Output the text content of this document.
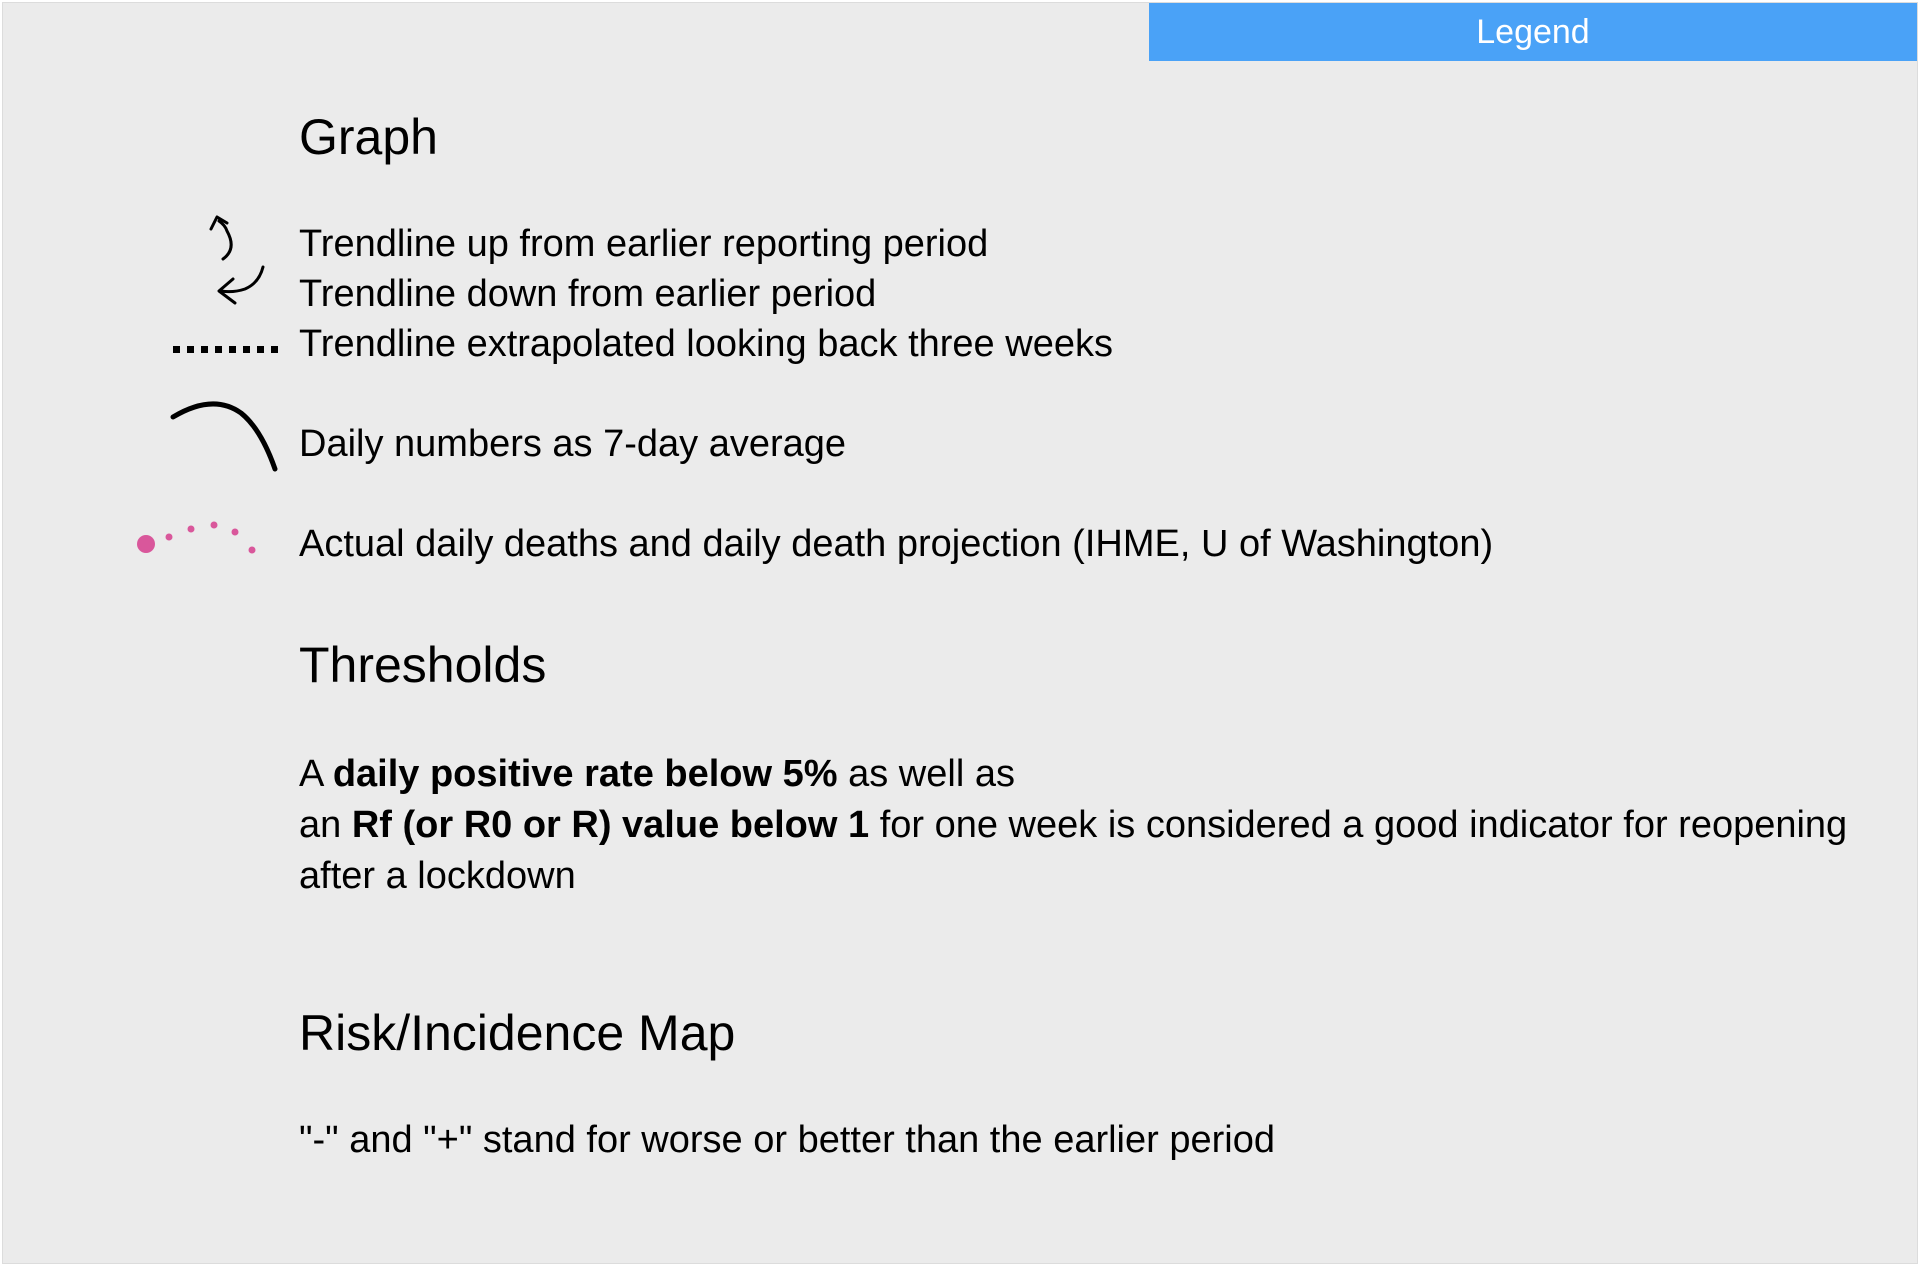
Legend
Graph
Trendline up from earlier reporting period
Trendline down from earlier period
Trendline extrapolated looking back three weeks
Daily numbers as 7-day average
Actual daily deaths and daily death projection (IHME, U of Washington)
Thresholds
A daily positive rate below 5% as well as
an Rf (or R0 or R) value below 1 for one week is considered a good indicator for reopening after a lockdown
Risk/Incidence Map
"-" and "+" stand for worse or better than the earlier period
